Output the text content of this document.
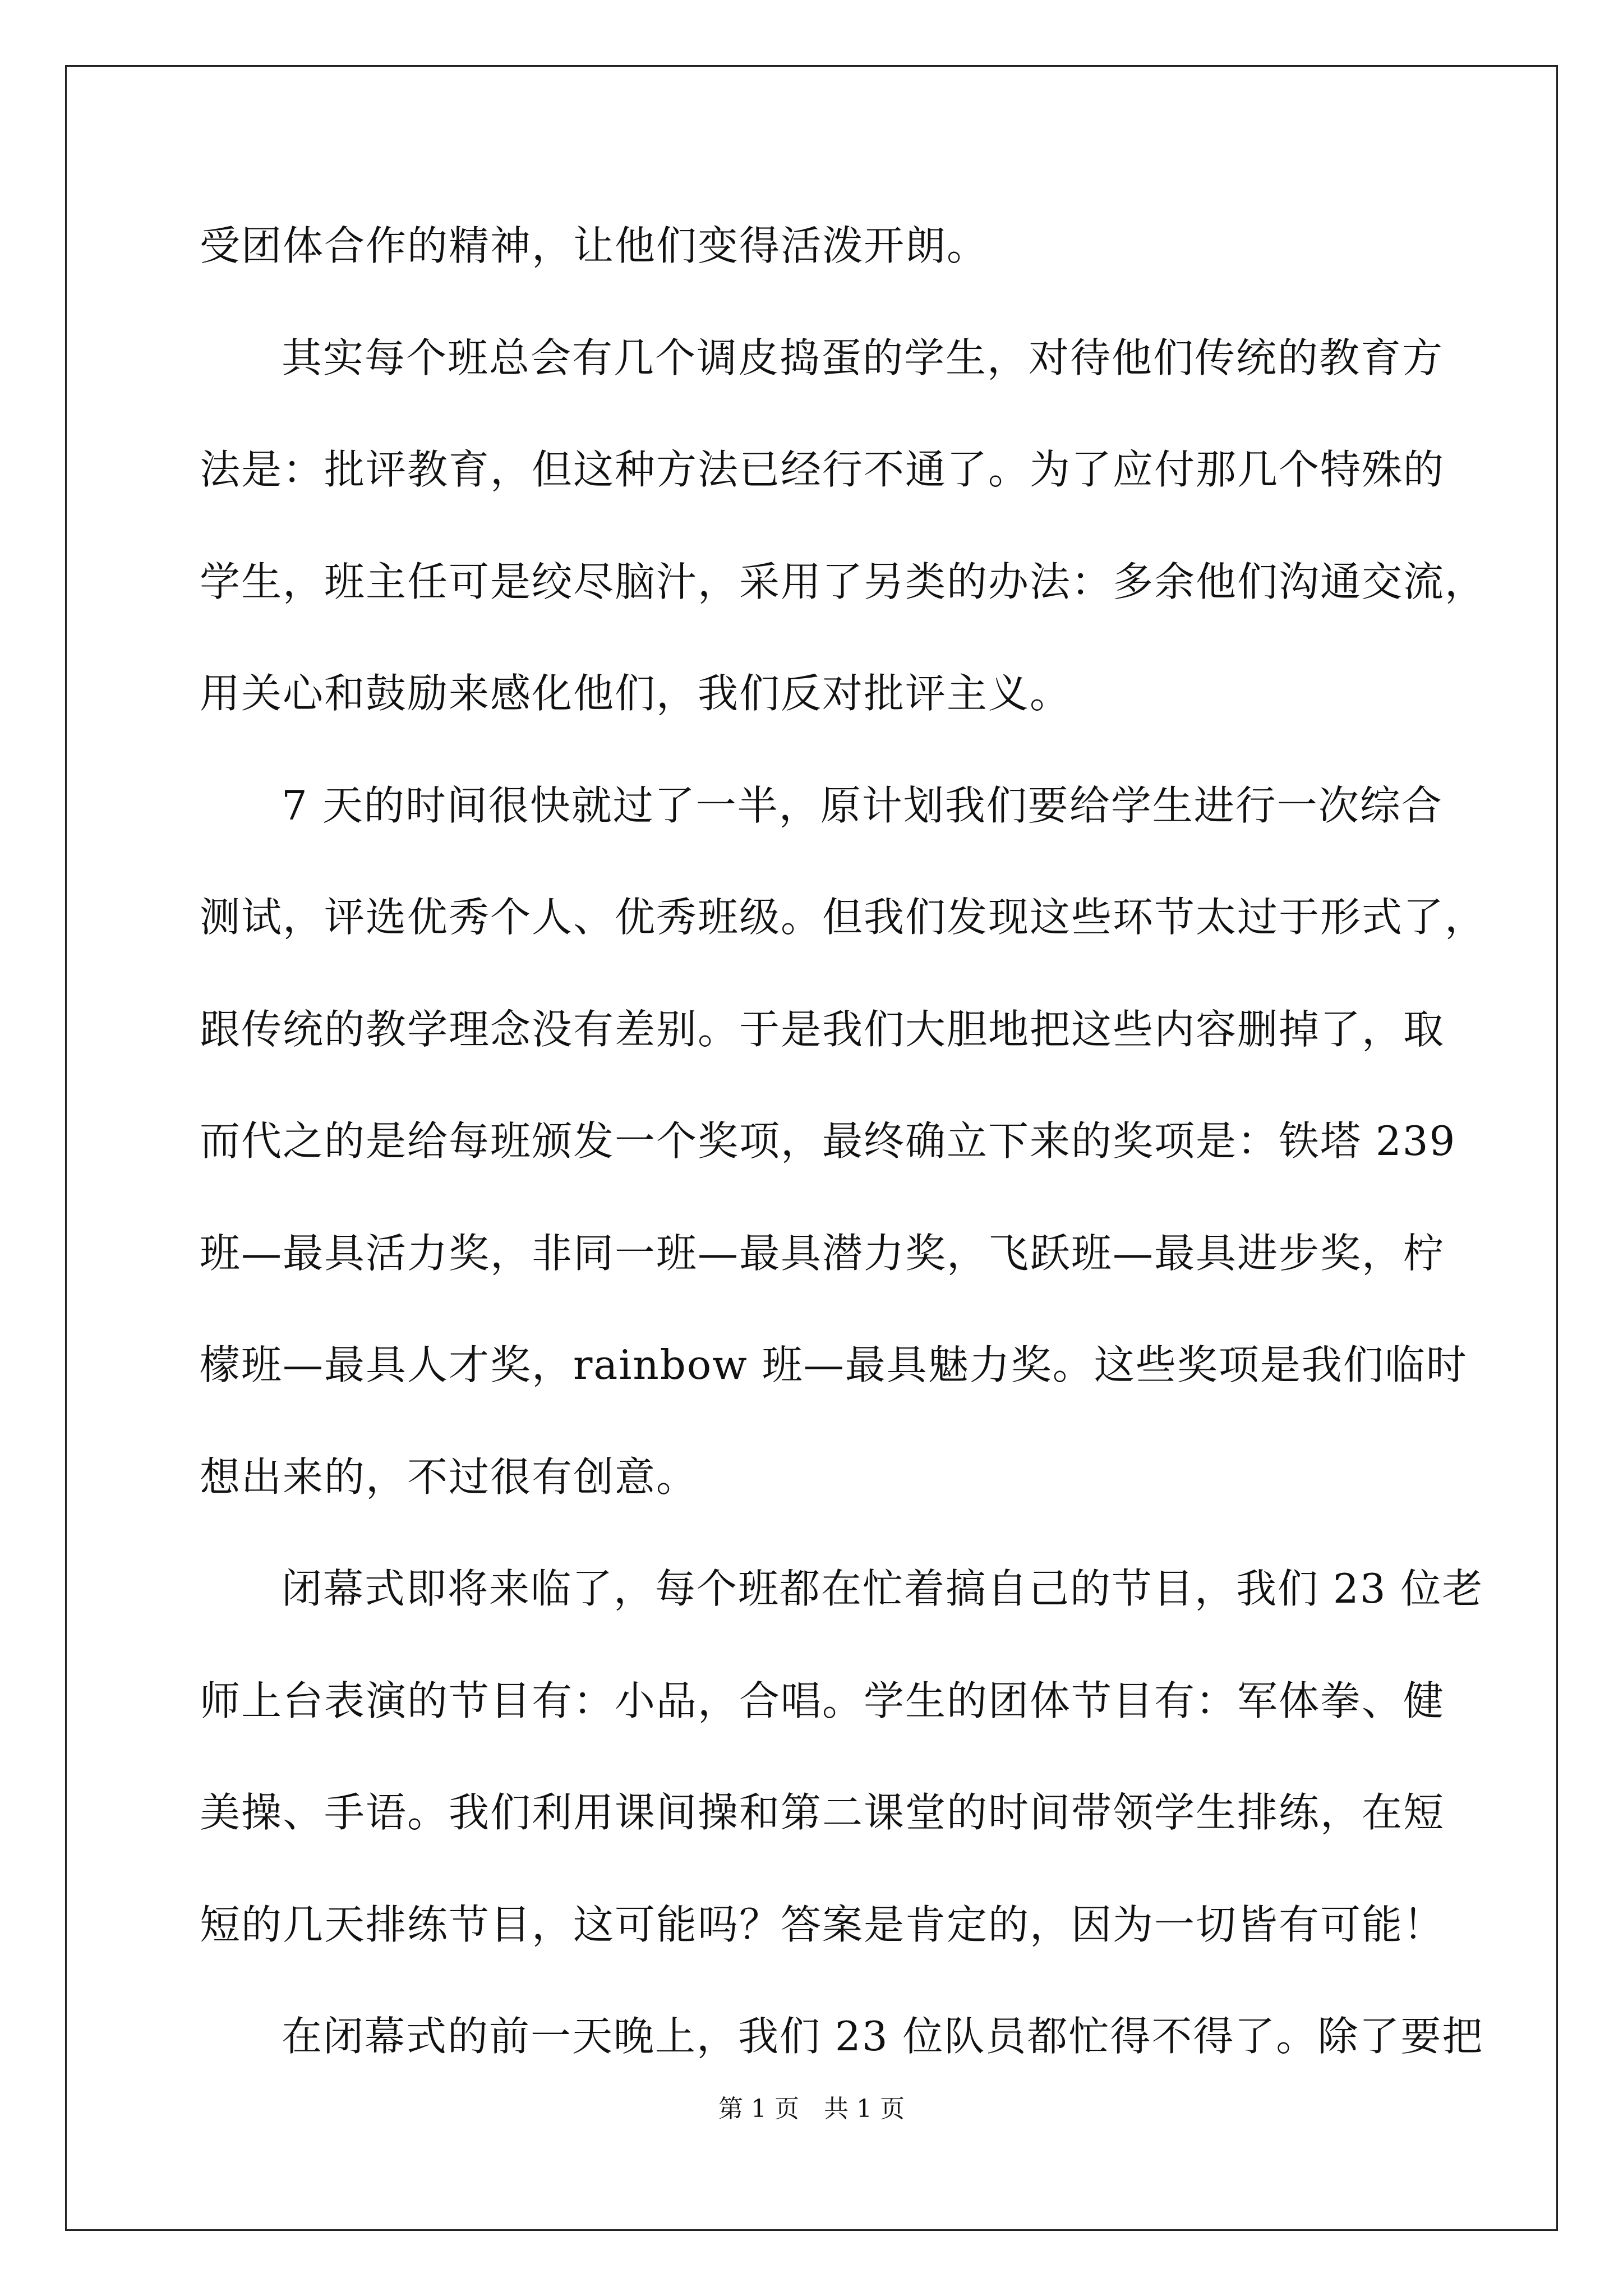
受团体合作的精神，让他们变得活泼开朗。
其实每个班总会有几个调皮捣蛋的学生，对待他们传统的教育方
法是：批评教育，但这种方法已经行不通了。为了应付那几个特殊的
学生，班主任可是绞尽脑汁，采用了另类的办法：多余他们沟通交流，
用关心和鼓励来感化他们，我们反对批评主义。
7 天的时间很快就过了一半，原计划我们要给学生进行一次综合
测试，评选优秀个人、优秀班级。但我们发现这些环节太过于形式了，
跟传统的教学理念没有差别。于是我们大胆地把这些内容删掉了，取
而代之的是给每班颁发一个奖项，最终确立下来的奖项是：铁塔 239
班—最具活力奖，非同一班—最具潜力奖，飞跃班—最具进步奖，柠
檬班—最具人才奖，rainbow 班—最具魅力奖。这些奖项是我们临时
想出来的，不过很有创意。
闭幕式即将来临了，每个班都在忙着搞自己的节目，我们 23 位老
师上台表演的节目有：小品，合唱。学生的团体节目有：军体拳、健
美操、手语。我们利用课间操和第二课堂的时间带领学生排练，在短
短的几天排练节目，这可能吗？答案是肯定的，因为一切皆有可能！
在闭幕式的前一天晚上，我们 23 位队员都忙得不得了。除了要把
第 1 页　共 1 页
